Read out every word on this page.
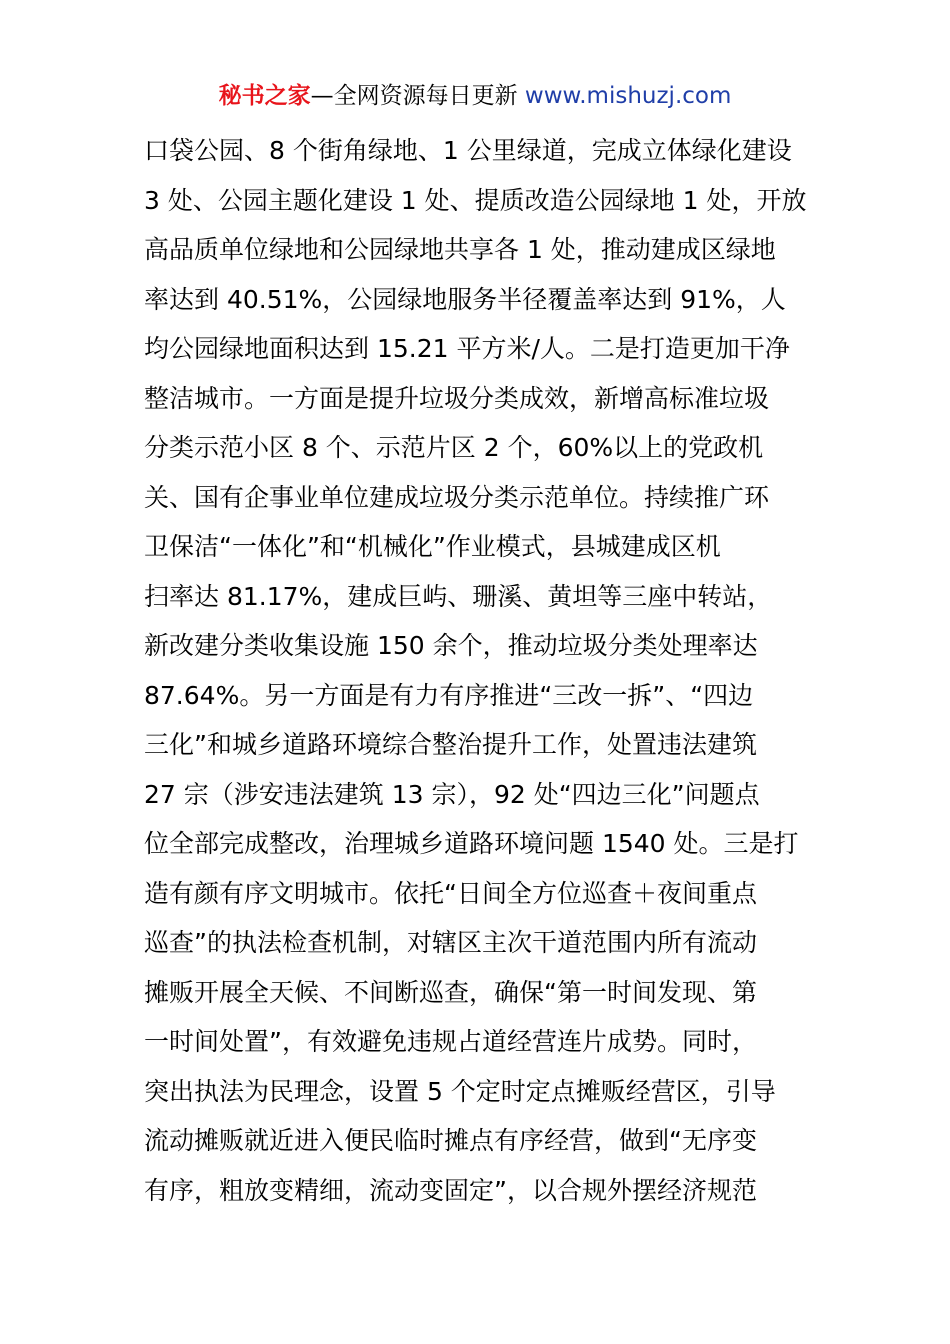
秘书之家—全网资源每日更新 www.mishuzj.com
口袋公园、8 个街角绿地、1 公里绿道，完成立体绿化建设
3 处、公园主题化建设 1 处、提质改造公园绿地 1 处，开放
高品质单位绿地和公园绿地共享各 1 处，推动建成区绿地
率达到 40.51%，公园绿地服务半径覆盖率达到 91%，人
均公园绿地面积达到 15.21 平方米/人。二是打造更加干净
整洁城市。一方面是提升垃圾分类成效，新增高标准垃圾
分类示范小区 8 个、示范片区 2 个，60%以上的党政机
关、国有企事业单位建成垃圾分类示范单位。持续推广环
卫保洁“一体化”和“机械化”作业模式，县城建成区机
扫率达 81.17%，建成巨屿、珊溪、黄坦等三座中转站，
新改建分类收集设施 150 余个，推动垃圾分类处理率达
87.64%。另一方面是有力有序推进“三改一拆”、“四边
三化”和城乡道路环境综合整治提升工作，处置违法建筑
27 宗（涉安违法建筑 13 宗），92 处“四边三化”问题点
位全部完成整改，治理城乡道路环境问题 1540 处。三是打
造有颜有序文明城市。依托“日间全方位巡查＋夜间重点
巡查”的执法检查机制，对辖区主次干道范围内所有流动
摊贩开展全天候、不间断巡查，确保“第一时间发现、第
一时间处置”，有效避免违规占道经营连片成势。同时，
突出执法为民理念，设置 5 个定时定点摊贩经营区，引导
流动摊贩就近进入便民临时摊点有序经营，做到“无序变
有序，粗放变精细，流动变固定”，以合规外摆经济规范
